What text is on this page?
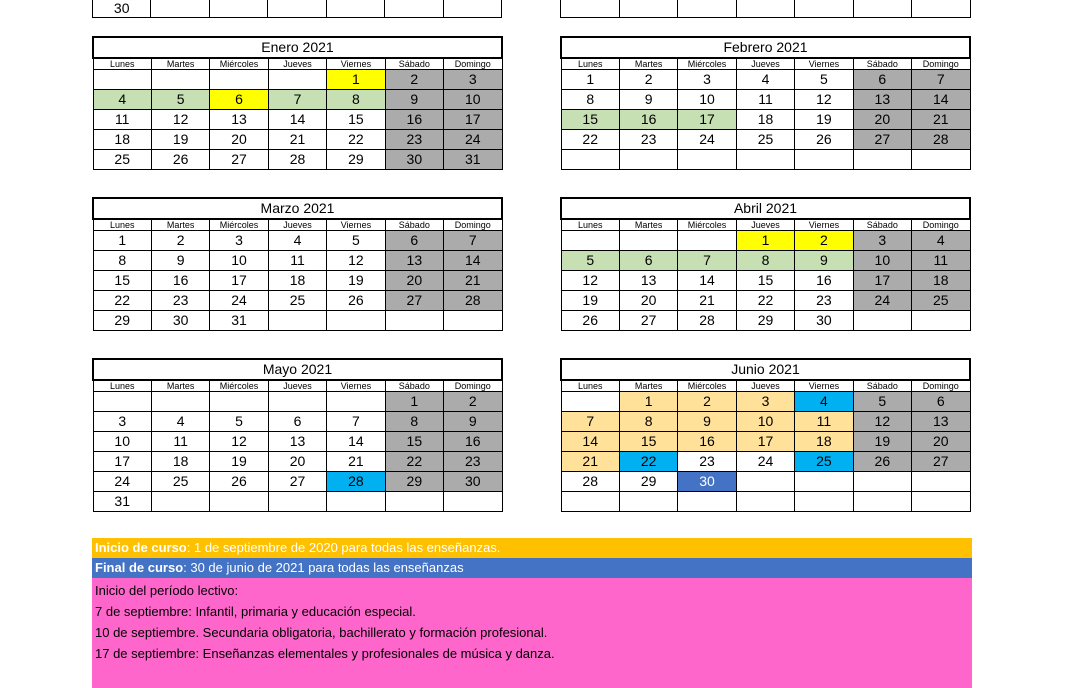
30						

Enero 2021						
Lunes	Martes	Miércoles	Jueves	Viernes	Sábado	Domingo
				1	2	3
4	5	6	7	8	9	10
11	12	13	14	15	16	17
18	19	20	21	22	23	24
25	26	27	28	29	30	31
Febrero 2021						
Lunes	Martes	Miércoles	Jueves	Viernes	Sábado	Domingo
1	2	3	4	5	6	7
8	9	10	11	12	13	14
15	16	17	18	19	20	21
22	23	24	25	26	27	28

Marzo 2021						
Lunes	Martes	Miércoles	Jueves	Viernes	Sábado	Domingo
1	2	3	4	5	6	7
8	9	10	11	12	13	14
15	16	17	18	19	20	21
22	23	24	25	26	27	28
29	30	31				
Abril 2021						
Lunes	Martes	Miércoles	Jueves	Viernes	Sábado	Domingo
			1	2	3	4
5	6	7	8	9	10	11
12	13	14	15	16	17	18
19	20	21	22	23	24	25
26	27	28	29	30		
Mayo 2021						
Lunes	Martes	Miércoles	Jueves	Viernes	Sábado	Domingo
					1	2
3	4	5	6	7	8	9
10	11	12	13	14	15	16
17	18	19	20	21	22	23
24	25	26	27	28	29	30
31						
Junio 2021						
Lunes	Martes	Miércoles	Jueves	Viernes	Sábado	Domingo
	1	2	3	4	5	6
7	8	9	10	11	12	13
14	15	16	17	18	19	20
21	22	23	24	25	26	27
28	29	30				

Inicio de curso: 1 de septiembre de 2020 para todas las enseñanzas.
Final de curso: 30 de junio de 2021 para todas las enseñanzas
Inicio del período lectivo:
7 de septiembre: Infantil, primaria y educación especial.
10 de septiembre. Secundaria obligatoria, bachillerato y formación profesional.
17 de septiembre: Enseñanzas elementales y profesionales de música y danza.
